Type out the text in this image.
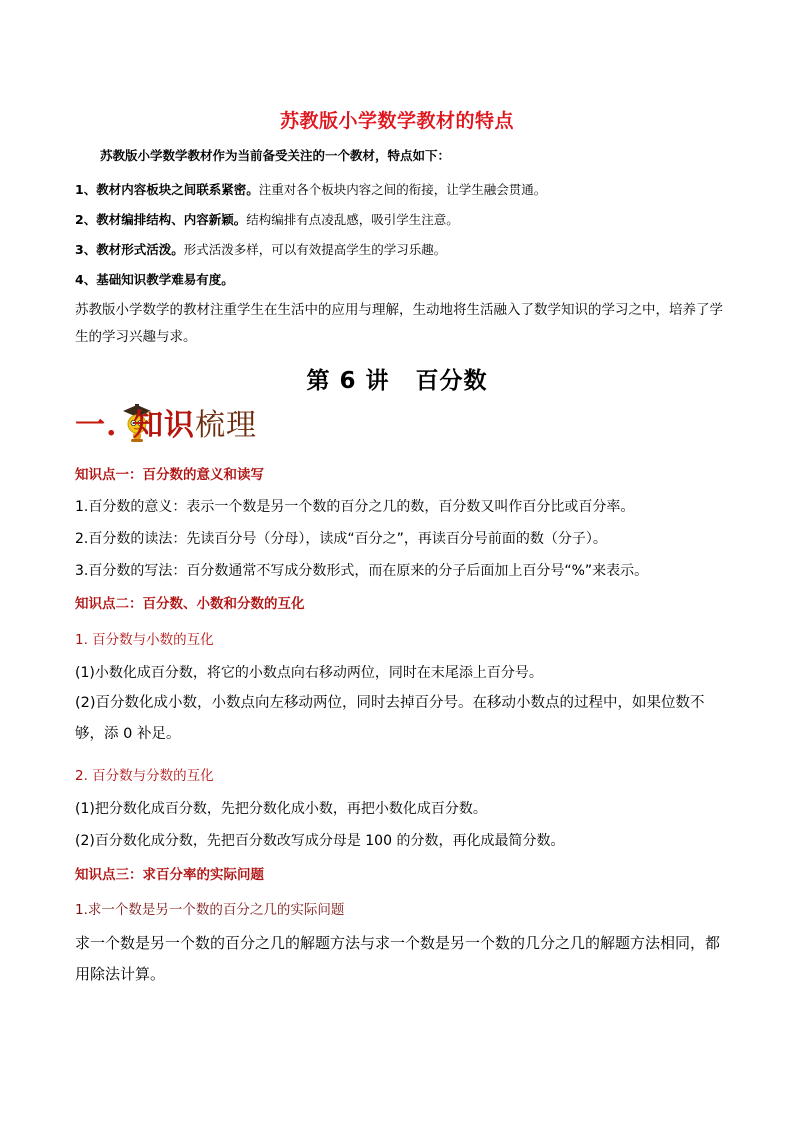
苏教版小学数学教材的特点
苏教版小学数学教材作为当前备受关注的一个教材，特点如下：
1、教材内容板块之间联系紧密。注重对各个板块内容之间的衔接，让学生融会贯通。
2、教材编排结构、内容新颖。结构编排有点凌乱感，吸引学生注意。
3、教材形式活泼。形式活泼多样，可以有效提高学生的学习乐趣。
4、基础知识教学难易有度。
苏教版小学数学的教材注重学生在生活中的应用与理解，生动地将生活融入了数学知识的学习之中，培养了学生的学习兴趣与求。
第 6 讲 百分数
一. 知识梳理
知识点一：百分数的意义和读写
1.百分数的意义：表示一个数是另一个数的百分之几的数，百分数又叫作百分比或百分率。
2.百分数的读法：先读百分号（分母），读成“百分之”，再读百分号前面的数（分子）。
3.百分数的写法：百分数通常不写成分数形式，而在原来的分子后面加上百分号“%”来表示。
知识点二：百分数、小数和分数的互化
1. 百分数与小数的互化
(1)小数化成百分数，将它的小数点向右移动两位，同时在末尾添上百分号。
(2)百分数化成小数，小数点向左移动两位，同时去掉百分号。在移动小数点的过程中，如果位数不够，添 0 补足。
2. 百分数与分数的互化
(1)把分数化成百分数，先把分数化成小数，再把小数化成百分数。
(2)百分数化成分数，先把百分数改写成分母是 100 的分数，再化成最简分数。
知识点三：求百分率的实际问题
1.求一个数是另一个数的百分之几的实际问题
求一个数是另一个数的百分之几的解题方法与求一个数是另一个数的几分之几的解题方法相同，都用除法计算。
